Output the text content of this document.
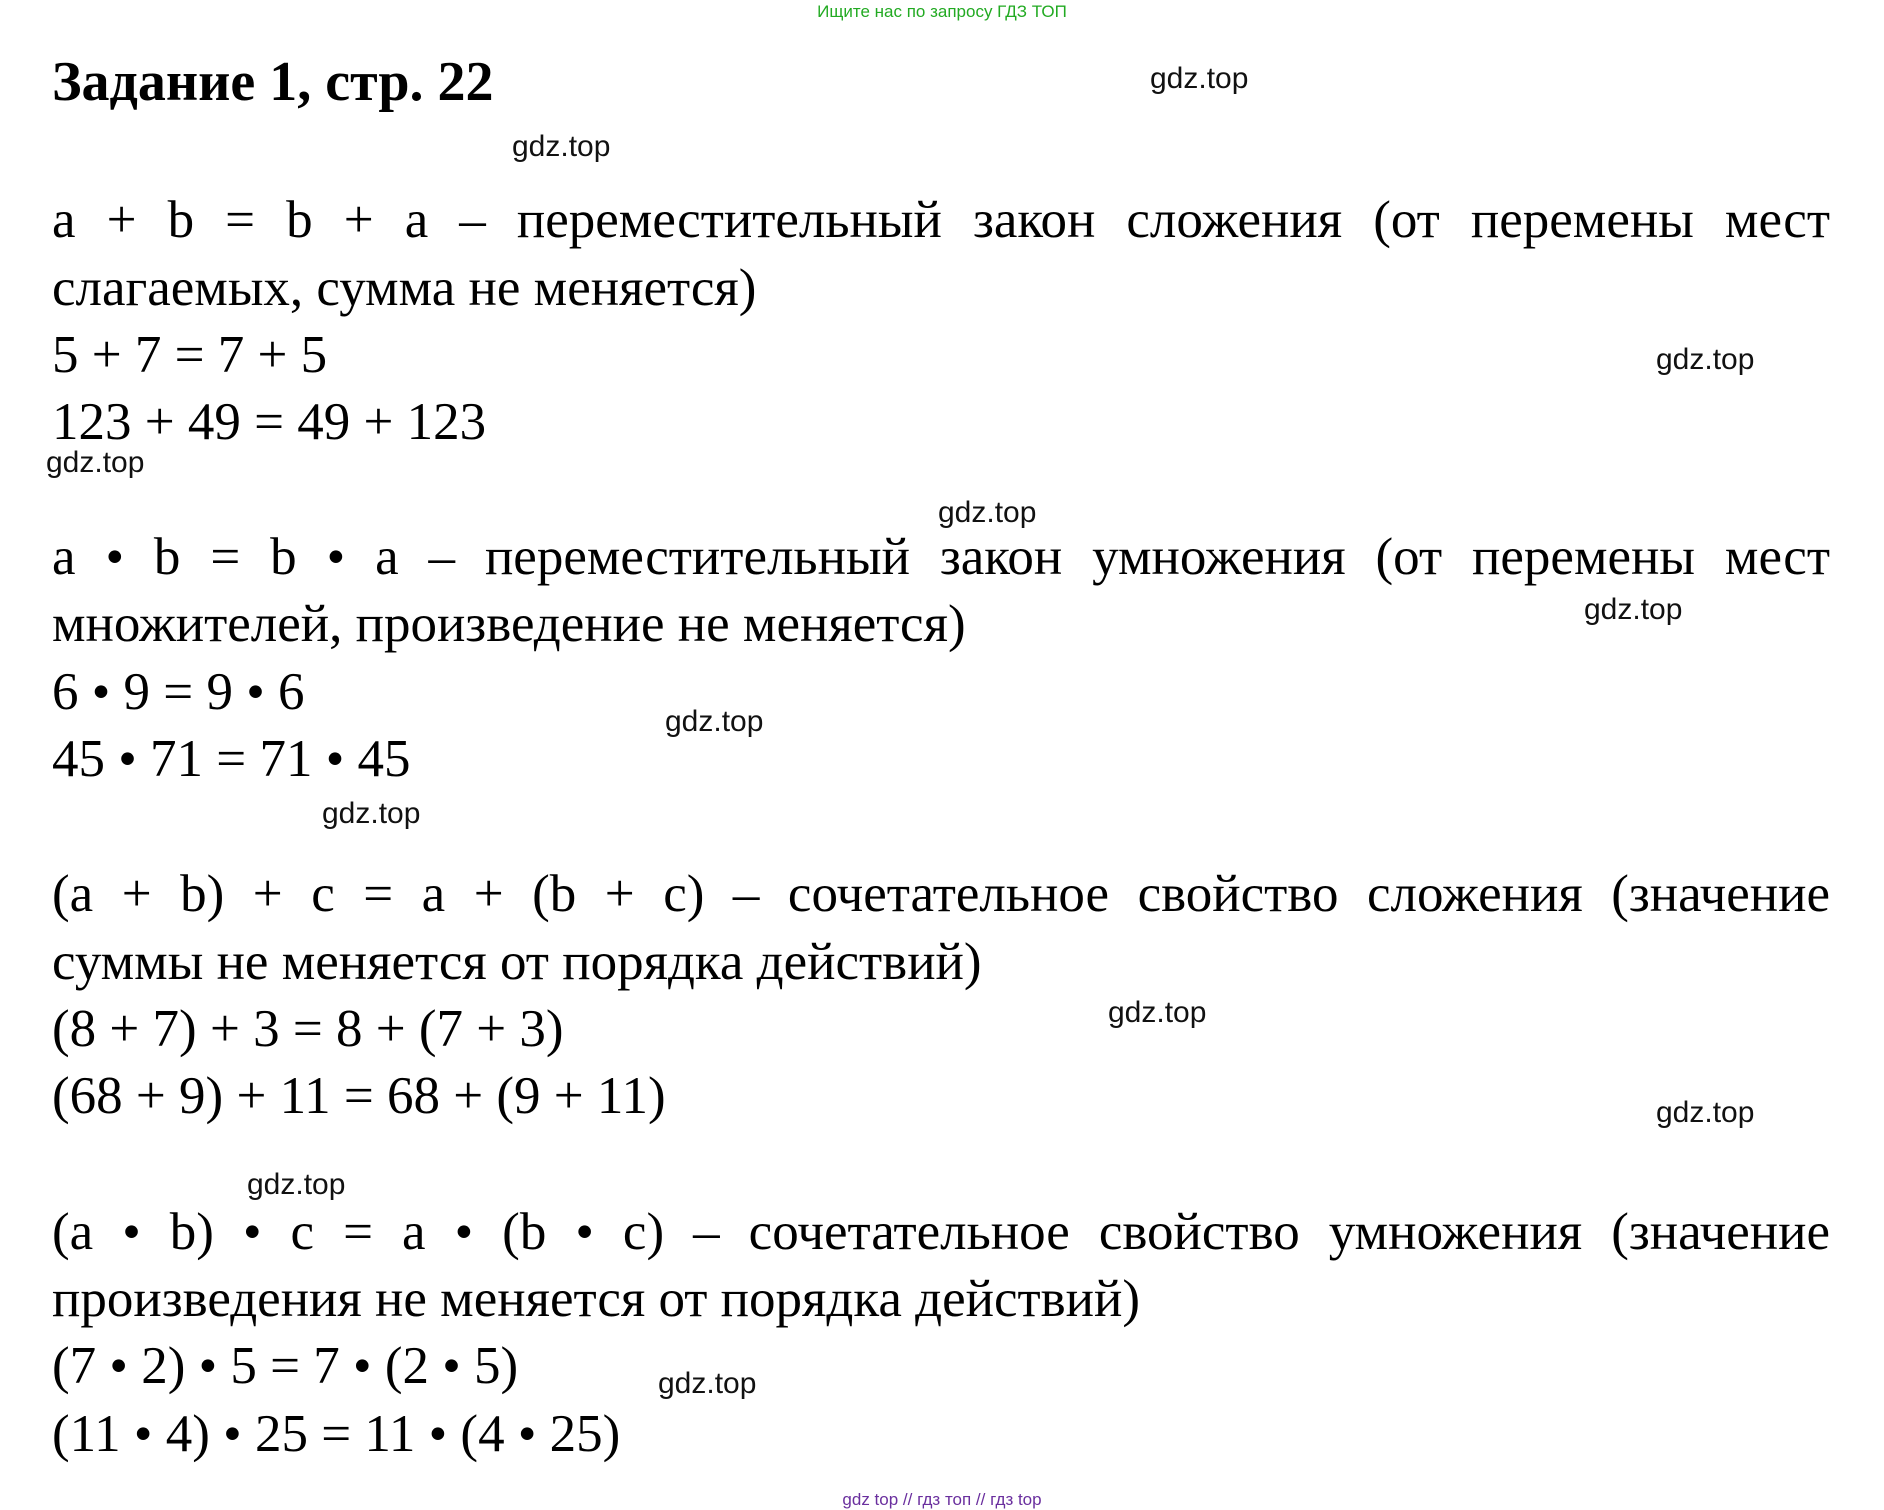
Ищите нас по запросу ГДЗ ТОП
Задание 1, стр. 22
a + b = b + a – переместительный закон сложения (от перемены мест
слагаемых, сумма не меняется)
5 + 7 = 7 + 5
123 + 49 = 49 + 123
a • b = b • a – переместительный закон умножения (от перемены мест
множителей, произведение не меняется)
6 • 9 = 9 • 6
45 • 71 = 71 • 45
(a + b) + c = a + (b + c) – сочетательное свойство сложения (значение
суммы не меняется от порядка действий)
(8 + 7) + 3 = 8 + (7 + 3)
(68 + 9) + 11 = 68 + (9 + 11)
(a • b) • c = a • (b • c) – сочетательное свойство умножения (значение
произведения не меняется от порядка действий)
(7 • 2) • 5 = 7 • (2 • 5)
(11 • 4) • 25 = 11 • (4 • 25)
gdz.top
gdz.top
gdz.top
gdz.top
gdz.top
gdz.top
gdz.top
gdz.top
gdz.top
gdz.top
gdz.top
gdz.top
gdz top // гдз топ // гдз top
